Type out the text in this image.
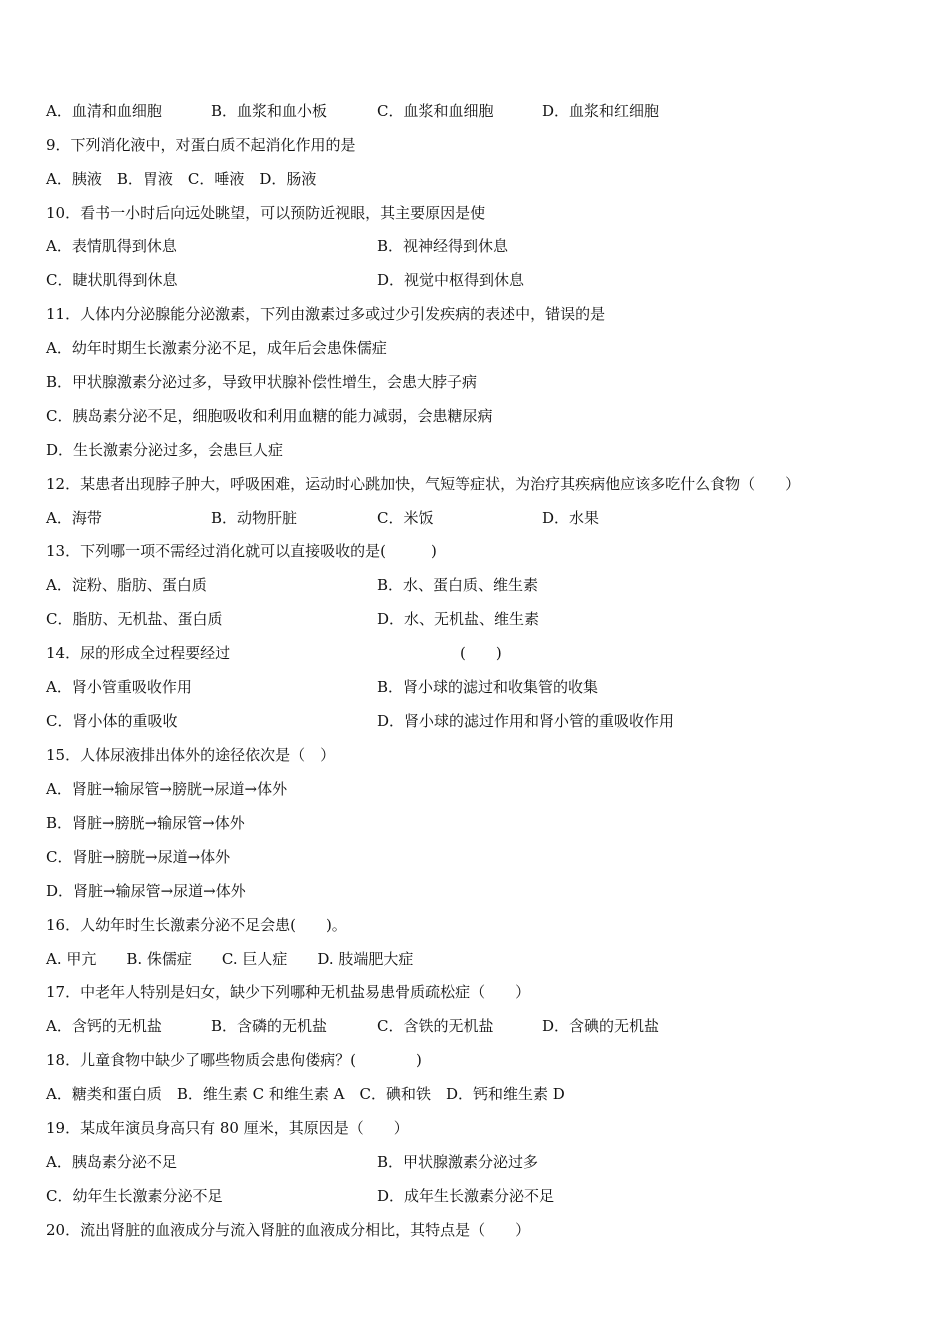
A．血清和血细胞

	B．血浆和血小板

	C．血浆和血细胞

	D．血浆和红细胞

9．下列消化液中，对蛋白质不起消化作用的是
A．胰液　B．胃液　C．唾液　D．肠液
10．看书一小时后向远处眺望，可以预防近视眼，其主要原因是使

A．表情肌得到休息

	B．视神经得到休息

C．睫状肌得到休息

	D．视觉中枢得到休息

11．人体内分泌腺能分泌激素，下列由激素过多或过少引发疾病的表述中，错误的是
A．幼年时期生长激素分泌不足，成年后会患侏儒症
B．甲状腺激素分泌过多，导致甲状腺补偿性增生，会患大脖子病
C．胰岛素分泌不足，细胞吸收和利用血糖的能力减弱，会患糖尿病
D．生长激素分泌过多，会患巨人症
12．某患者出现脖子肿大，呼吸困难，运动时心跳加快，气短等症状，为治疗其疾病他应该多吃什么食物（　　）

A．海带

	B．动物肝脏

	C．米饭

	D．水果

13．下列哪一项不需经过消化就可以直接吸收的是(　　　)

A．淀粉、脂肪、蛋白质

	B．水、蛋白质、维生素

C．脂肪、无机盐、蛋白质

	D．水、无机盐、维生素

14．尿的形成全过程要经过	(　　)

A．肾小管重吸收作用

	B．肾小球的滤过和收集管的收集

C．肾小体的重吸收

	D．肾小球的滤过作用和肾小管的重吸收作用

15．人体尿液排出体外的途径依次是（　）
A．肾脏→输尿管→膀胱→尿道→体外
B．肾脏→膀胱→输尿管→体外
C．肾脏→膀胱→尿道→体外
D．肾脏→输尿管→尿道→体外
16．人幼年时生长激素分泌不足会患(　　)。
A. 甲亢　　B. 侏儒症　　C. 巨人症　　D. 肢端肥大症
17．中老年人特别是妇女，缺少下列哪种无机盐易患骨质疏松症（　　）

A．含钙的无机盐

	B．含磷的无机盐

	C．含铁的无机盐

	D．含碘的无机盐

18．儿童食物中缺少了哪些物质会患佝偻病？(　　　　)
A．糖类和蛋白质　B．维生素 C 和维生素 A　C．碘和铁　D．钙和维生素 D
19．某成年演员身高只有 80 厘米，其原因是（　　）

A．胰岛素分泌不足

	B．甲状腺激素分泌过多

C．幼年生长激素分泌不足

	D．成年生长激素分泌不足

20．流出肾脏的血液成分与流入肾脏的血液成分相比，其特点是（　　）
